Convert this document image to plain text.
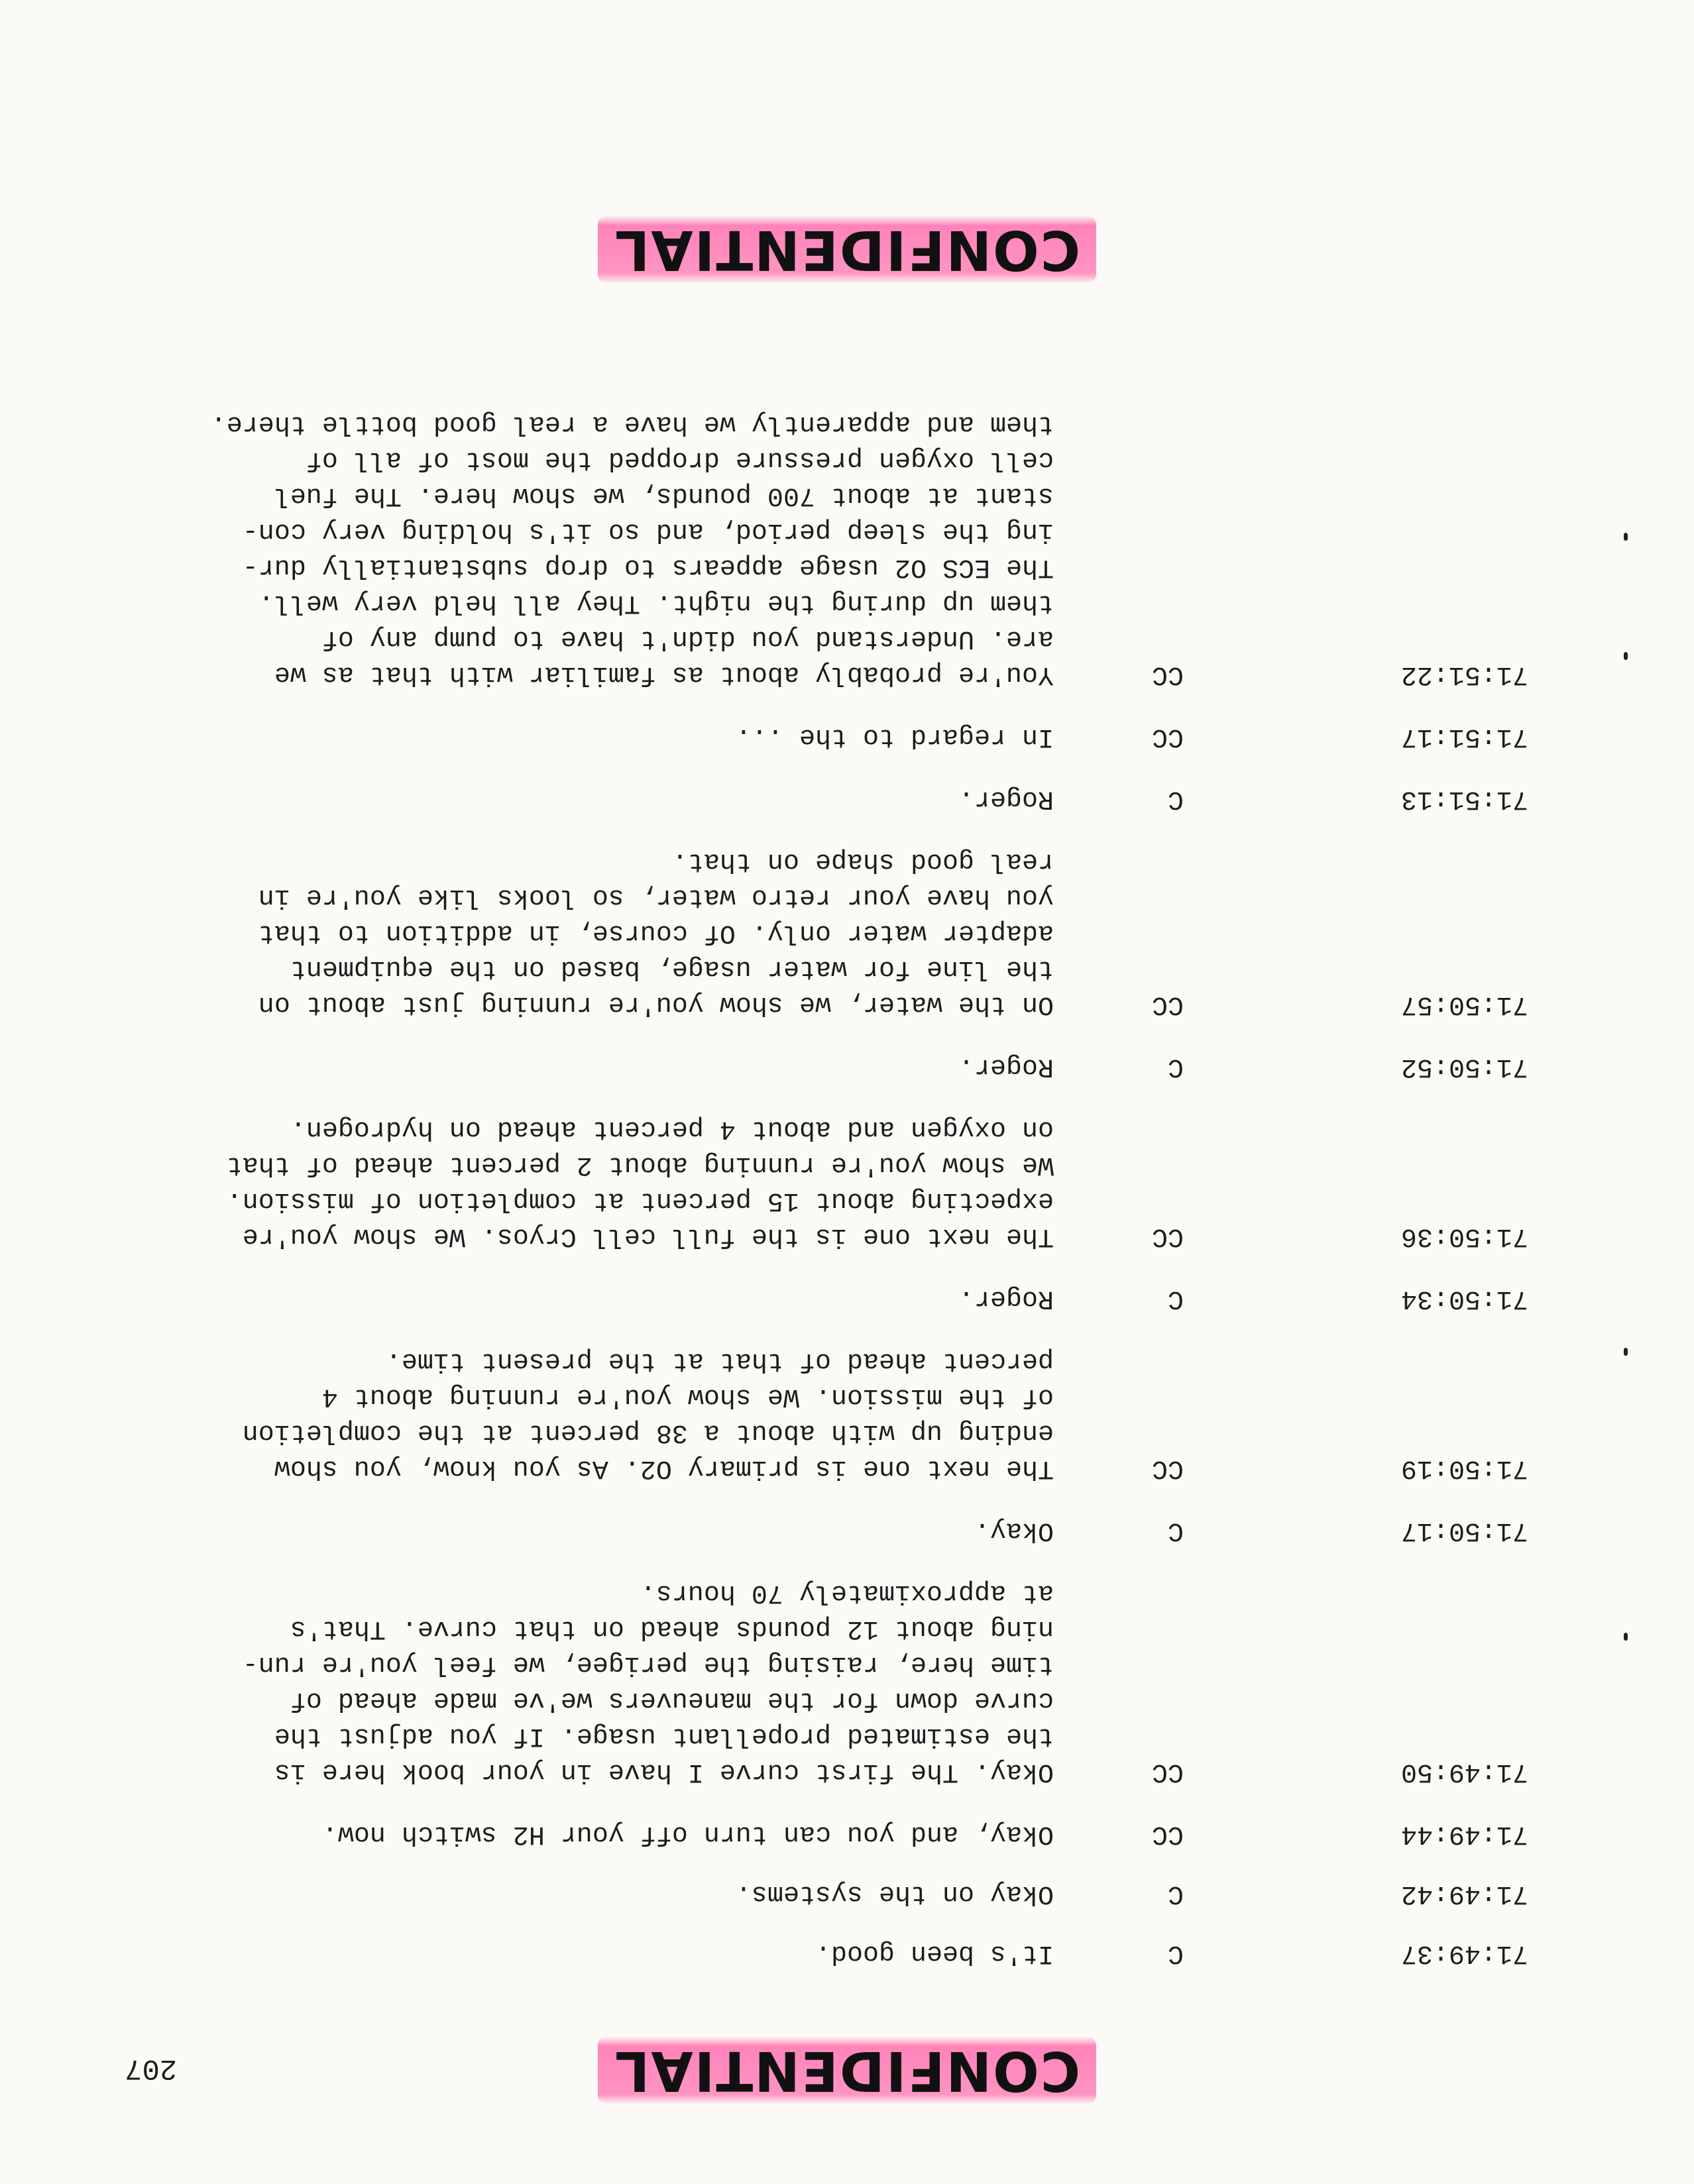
CONFIDENTIAL
207
71:49:37
C
It's been good.
71:49:42
C
Okay on the systems.
71:49:44
CC
Okay, and you can turn off your H2 switch now.
71:49:50
CC
Okay. The first curve I have in your book here is
the estimated propellant usage. If you adjust the
curve down for the maneuvers we've made ahead of
time here, raising the perigee, we feel you're run-
ning about 12 pounds ahead on that curve. That's
at approximately 70 hours.
71:50:17
C
Okay.
71:50:19
CC
The next one is primary O2. As you know, you show
ending up with about a 38 percent at the completion
of the mission. We show you're running about 4
percent ahead of that at the present time.
71:50:34
C
Roger.
71:50:36
CC
The next one is the full cell Cryos. We show you're
expecting about 15 percent at completion of mission.
We show you're running about 2 percent ahead of that
on oxygen and about 4 percent ahead on hydrogen.
71:50:52
C
Roger.
71:50:57
CC
On the water, we show you're running just about on
the line for water usage, based on the equipment
adapter water only. Of course, in addition to that
you have your retro water, so looks like you're in
real good shape on that.
71:51:13
C
Roger.
71:51:17
CC
In regard to the ...
71:51:22
CC
You're probably about as familiar with that as we
are. Understand you didn't have to pump any of
them up during the night. They all held very well.
The ECS O2 usage appears to drop substantially dur-
ing the sleep period, and so it's holding very con-
stant at about 700 pounds, we show here. The fuel
cell oxygen pressure dropped the most of all of
them and apparently we have a real good bottle there.
CONFIDENTIAL
